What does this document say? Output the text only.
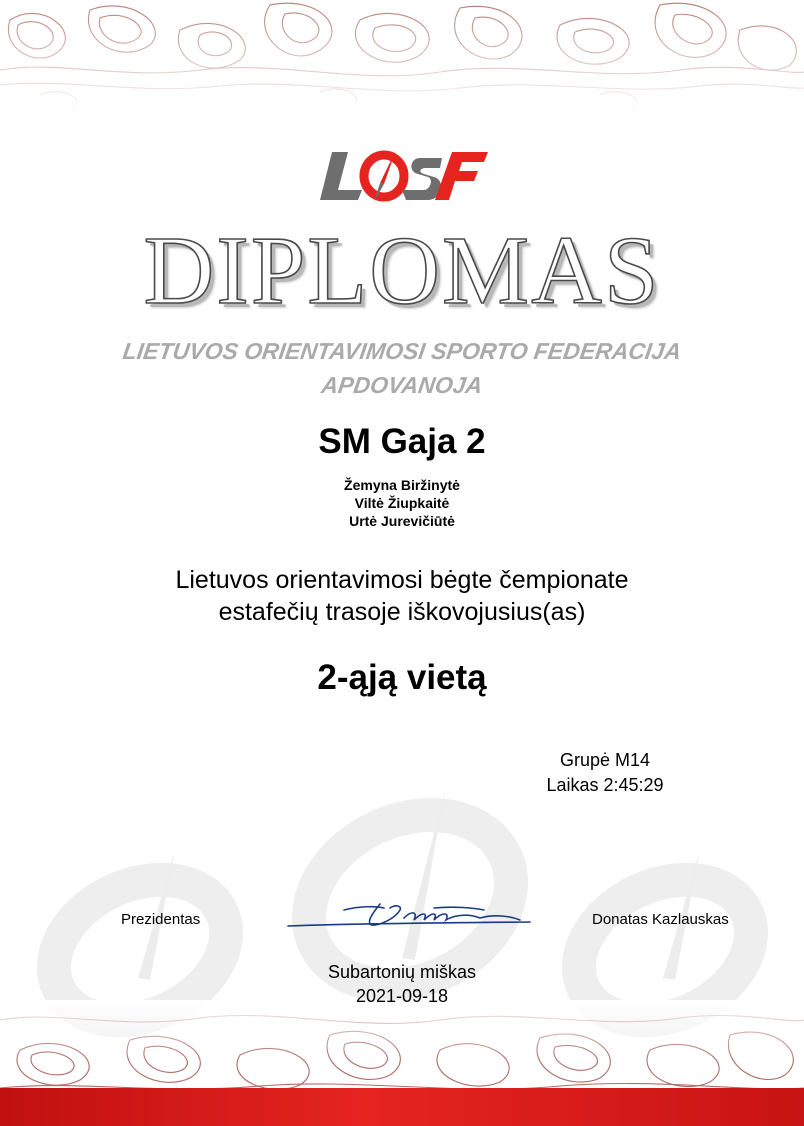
DIPLOMAS
LIETUVOS ORIENTAVIMOSI SPORTO FEDERACIJA
APDOVANOJA
SM Gaja 2
Žemyna Biržinytė
Viltė Žiupkaitė
Urtė Jurevičiūtė
Lietuvos orientavimosi bėgte čempionate
estafečių trasoje iškovojusius(as)
2-ąją vietą
Grupė M14
Laikas 2:45:29
Prezidentas	Donatas Kazlauskas
Subartonių miškas
2021-09-18
